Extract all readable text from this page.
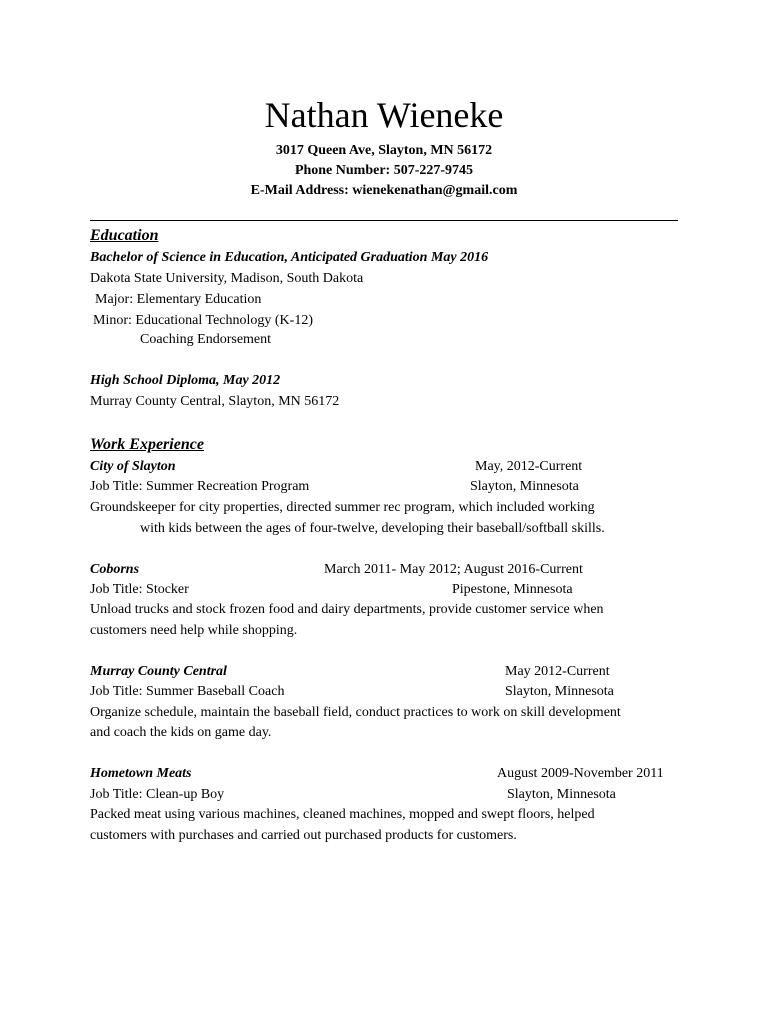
Nathan Wieneke
3017 Queen Ave, Slayton, MN 56172
Phone Number: 507-227-9745
E-Mail Address: wienekenathan@gmail.com
Education
Bachelor of Science in Education, Anticipated Graduation May 2016
Dakota State University, Madison, South Dakota
Major: Elementary Education
Minor: Educational Technology (K-12)
Coaching Endorsement
High School Diploma, May 2012
Murray County Central, Slayton, MN 56172
Work Experience
City of Slayton	May, 2012-Current
Job Title: Summer Recreation Program	Slayton, Minnesota
Groundskeeper for city properties, directed summer rec program, which included working
with kids between the ages of four-twelve, developing their baseball/softball skills.
Coborns	March 2011- May 2012; August 2016-Current
Job Title: Stocker	Pipestone, Minnesota
Unload trucks and stock frozen food and dairy departments, provide customer service when
customers need help while shopping.
Murray County Central	May 2012-Current
Job Title: Summer Baseball Coach	Slayton, Minnesota
Organize schedule, maintain the baseball field, conduct practices to work on skill development
and coach the kids on game day.
Hometown Meats	August 2009-November 2011
Job Title: Clean-up Boy	Slayton, Minnesota
Packed meat using various machines, cleaned machines, mopped and swept floors, helped
customers with purchases and carried out purchased products for customers.
